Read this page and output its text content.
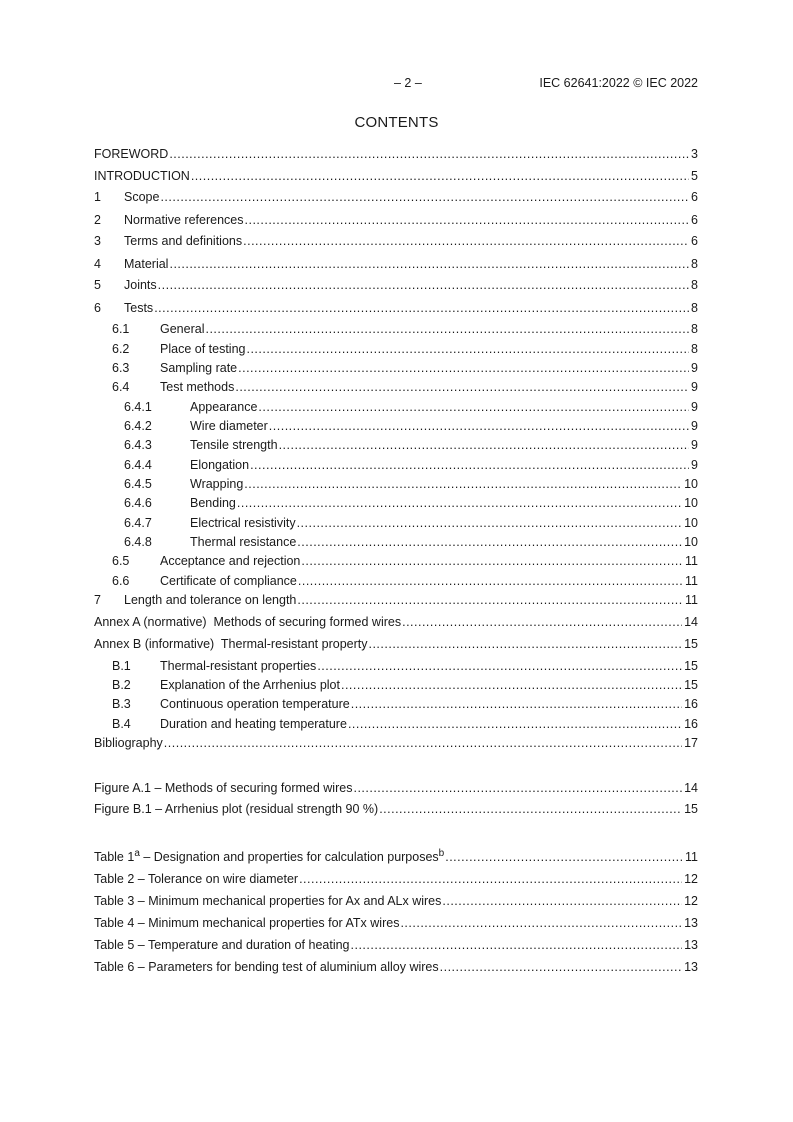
– 2 –	IEC 62641:2022 © IEC 2022
CONTENTS
FOREWORD .....	3
INTRODUCTION .....	5
1	Scope .....	6
2	Normative references .....	6
3	Terms and definitions .....	6
4	Material .....	8
5	Joints .....	8
6	Tests .....	8
6.1	General .....	8
6.2	Place of testing .....	8
6.3	Sampling rate .....	9
6.4	Test methods .....	9
6.4.1	Appearance .....	9
6.4.2	Wire diameter .....	9
6.4.3	Tensile strength .....	9
6.4.4	Elongation .....	9
6.4.5	Wrapping .....	10
6.4.6	Bending .....	10
6.4.7	Electrical resistivity .....	10
6.4.8	Thermal resistance .....	10
6.5	Acceptance and rejection .....	11
6.6	Certificate of compliance .....	11
7	Length and tolerance on length .....	11
Annex A (normative)  Methods of securing formed wires .....	14
Annex B (informative)  Thermal-resistant property .....	15
B.1	Thermal-resistant properties .....	15
B.2	Explanation of the Arrhenius plot .....	15
B.3	Continuous operation temperature .....	16
B.4	Duration and heating temperature .....	16
Bibliography .....	17
Figure A.1 – Methods of securing formed wires .....	14
Figure B.1 – Arrhenius plot (residual strength 90 %) .....	15
Table 1$^a$ – Designation and properties for calculation purposes$^b$ .....	11
Table 2 – Tolerance on wire diameter .....	12
Table 3 – Minimum mechanical properties for Ax and ALx wires .....	12
Table 4 – Minimum mechanical properties for ATx wires .....	13
Table 5 – Temperature and duration of heating .....	13
Table 6 – Parameters for bending test of aluminium alloy wires .....	13
